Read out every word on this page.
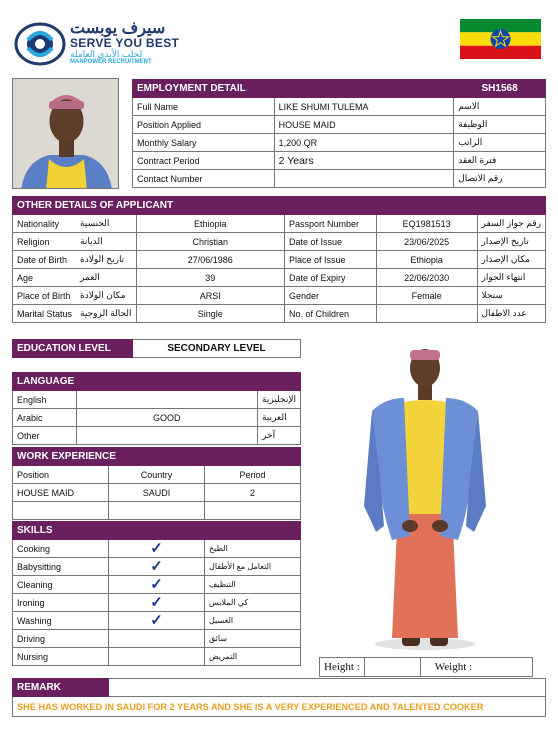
سيرف يوبست
SERVE YOU BEST
لجلب الأيدي العاملة
MANPOWER RECRUITMENT
EMPLOYMENT DETAIL		SH1568
Full Name	LIKE SHUMI TULEMA	الاسم
Position Applied	HOUSE MAID	الوظيفة
Monthly Salary	1,200 QR	الراتب
Contract Period	2 Years	فترة العقد
Contact Number		رقم الاتصال
OTHER DETAILS OF APPLICANT					
Nationality	الجنسية	Ethiopia	Passport Number	EQ1981513	رقم جواز السفر
Religion	الديانة	Christian	Date of Issue	23/06/2025	تاريخ الإصدار
Date of Birth	تاريخ الولادة	27/06/1986	Place of Issue	Ethiopia	مكان الإصدار
Age	العمر	39	Date of Expiry	22/06/2030	انتهاء الجواز
Place of Birth	مكان الولادة	ARSI	Gender	Female	سنجلا
Marital Status	الحالة الزوجية	Single	No. of Children		عدد الاطفال
EDUCATION LEVEL	SECONDARY LEVEL
LANGUAGE		
English		الإنجليزية
Arabic	GOOD	العربية
Other		آخر
WORK EXPERIENCE		
Position	Country	Period
HOUSE MAID	SAUDI	2

SKILLS		
Cooking	✓	الطبخ
Babysitting	✓	التعامل مع الأطفال
Cleaning	✓	التنظيف
Ironing	✓	كي الملابس
Washing	✓	الغسيل
Driving		سائق
Nursing		التمريض
Height :		Weight :	
REMARK	
SHE HAS WORKED IN SAUDI FOR 2 YEARS AND SHE IS A VERY EXPERIENCED AND TALENTED COOKER
